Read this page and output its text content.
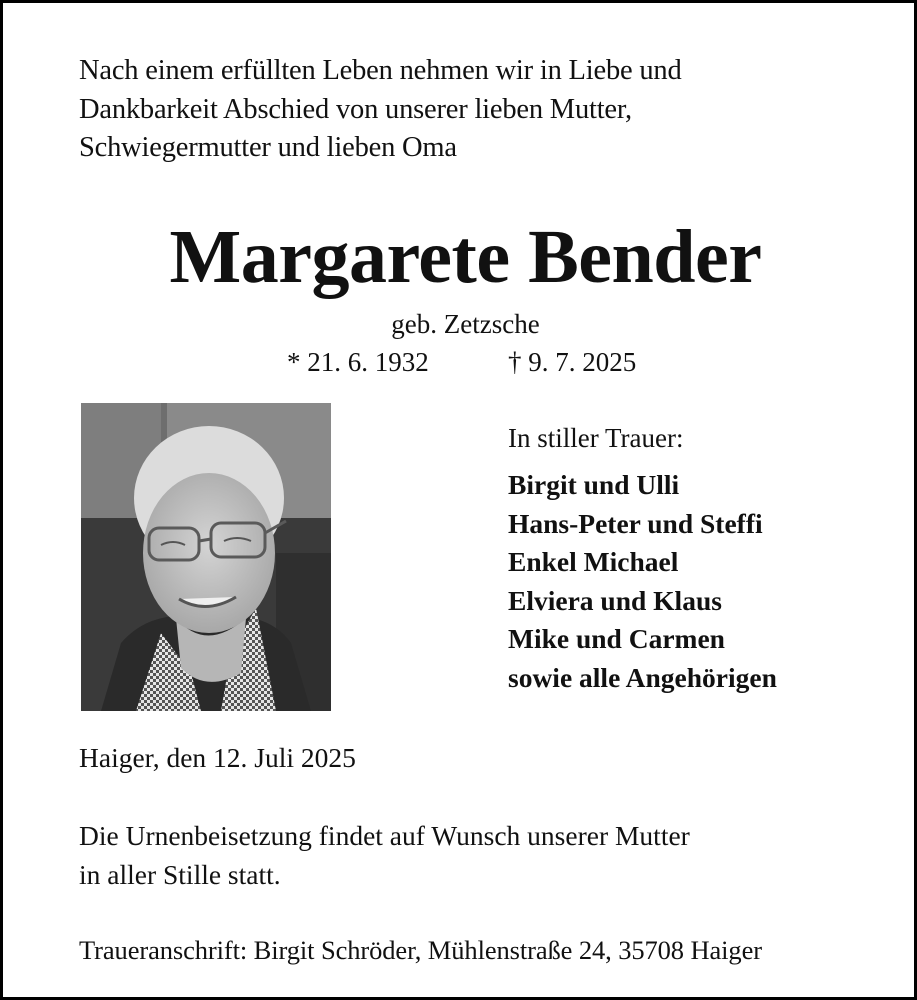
Nach einem erfüllten Leben nehmen wir in Liebe und
Dankbarkeit Abschied von unserer lieben Mutter,
Schwiegermutter und lieben Oma
Margarete Bender
geb. Zetzsche
* 21. 6. 1932	† 9. 7. 2025
In stiller Trauer:
Birgit und Ulli
Hans-Peter und Steffi
Enkel Michael
Elviera und Klaus
Mike und Carmen
sowie alle Angehörigen
Haiger, den 12. Juli 2025
Die Urnenbeisetzung findet auf Wunsch unserer Mutter
in aller Stille statt.
Traueranschrift: Birgit Schröder, Mühlenstraße 24, 35708 Haiger
